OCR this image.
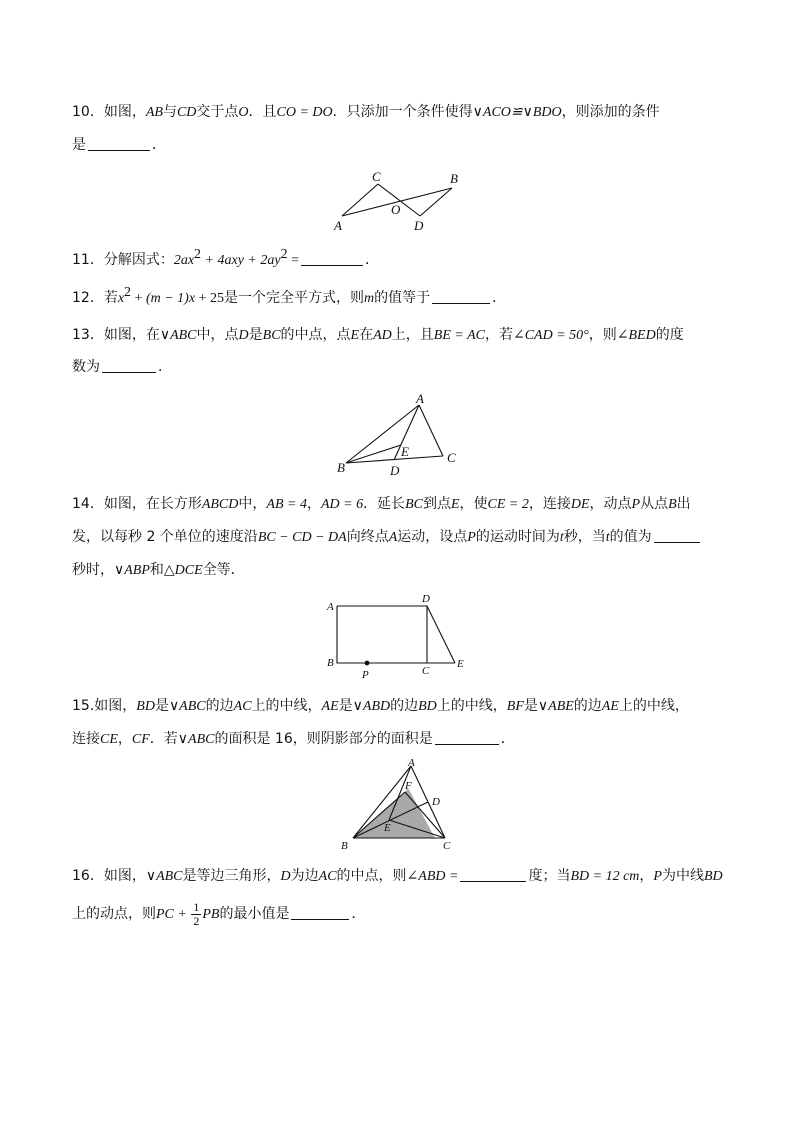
10．如图，AB与CD交于点O．且CO = DO．只添加一个条件使得∨ACO≌∨BDO，则添加的条件
是	．
C	B
O
A	D
11．分解因式：$2ax^2 + 4axy + 2ay^2$ =	．
12．若$x^2 + (m - 1)x + 25$是一个完全平方式，则m的值等于	．
13．如图，在∨ABC中，点D是BC的中点，点E在AD上，且BE = AC，若∠CAD = 50°，则∠BED的度
数为	．
A
E
B	D
C
14．如图，在长方形ABCD中，AB = 4，AD = 6．延长BC到点E，使CE = 2，连接DE，动点P从点B出
发，以每秒 2 个单位的速度沿BC − CD − DA向终点A运动，设点P的运动时间为t秒，当t的值为
秒时，∨ABP和△DCE全等．
A
D
B
P	C
E
15.如图，BD是∨ABC的边AC上的中线，AE是∨ABD的边BD上的中线，BF是∨ABE的边AE上的中线，
连接CE，CF．若∨ABC的面积是 16，则阴影部分的面积是	．
A
F
D
E
B	C
16．如图，∨ABC是等边三角形，D为边AC的中点，则∠ABD =	度；当BD = 12 cm，P为中线BD
上的动点，则PC + $\frac{1}{2}$ PB的最小值是	．
